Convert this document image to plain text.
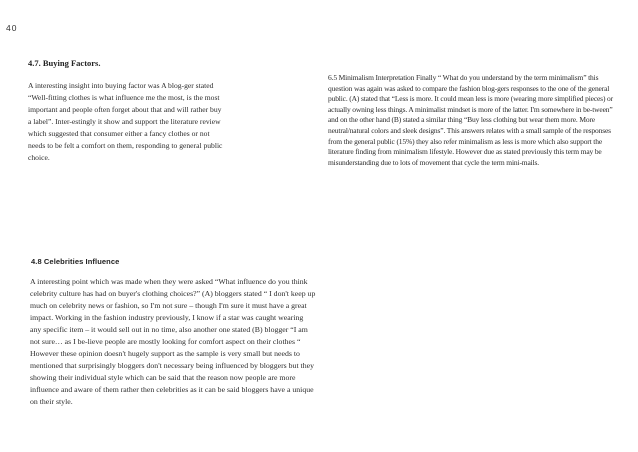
40
4.7. Buying Factors.

A interesting insight into buying factor was A blog-ger stated “Well-fitting clothes is what influence me the most, is the most important and people often forget about that and will rather buy a label”. Inter-estingly it show and support the literature review which suggested that consumer either a fancy clothes or not needs to be felt a comfort on them, responding to general public choice.

4.8 Celebrities Influence

A interesting point which was made when they were asked “What influence do you think celebrity culture has had on buyer's clothing choices?” (A) bloggers stated “ I don't keep up much on celebrity news or fashion, so I'm not sure – though I'm sure it must have a great impact. Working in the fashion industry previously, I know if a star was caught wearing any specific item – it would sell out in no time, also another one stated (B) blogger “I am not sure… as I be-lieve people are mostly looking for comfort aspect on their clothes “ However these opinion doesn't hugely support as the sample is very small but needs to mentioned that surprisingly bloggers don't necessary being influenced by bloggers but they showing their individual style which can be said that the reason now people are more influence and aware of them rather then celebrities as it can be said bloggers have a unique on their style.

6.5 Minimalism Interpretation Finally “ What do you understand by the term minimalism” this question was again was asked to compare the fashion blog-gers responses to the one of the general public. (A) stated that “Less is more. It could mean less is more (wearing more simplified pieces) or actually owning less things. A minimalist mindset is more of the latter. I'm somewhere in be-tween” and on the other hand (B) stated a similar thing “Buy less clothing but wear them more. More neutral/natural colors and sleek designs”. This answers relates with a small sample of the responses from the general public (15%) they also refer minimalism as less is more which also support the literature finding from minimalism lifestyle. However due as stated previously this term may be misunderstanding due to lots of movement that cycle the term mini-mails.
